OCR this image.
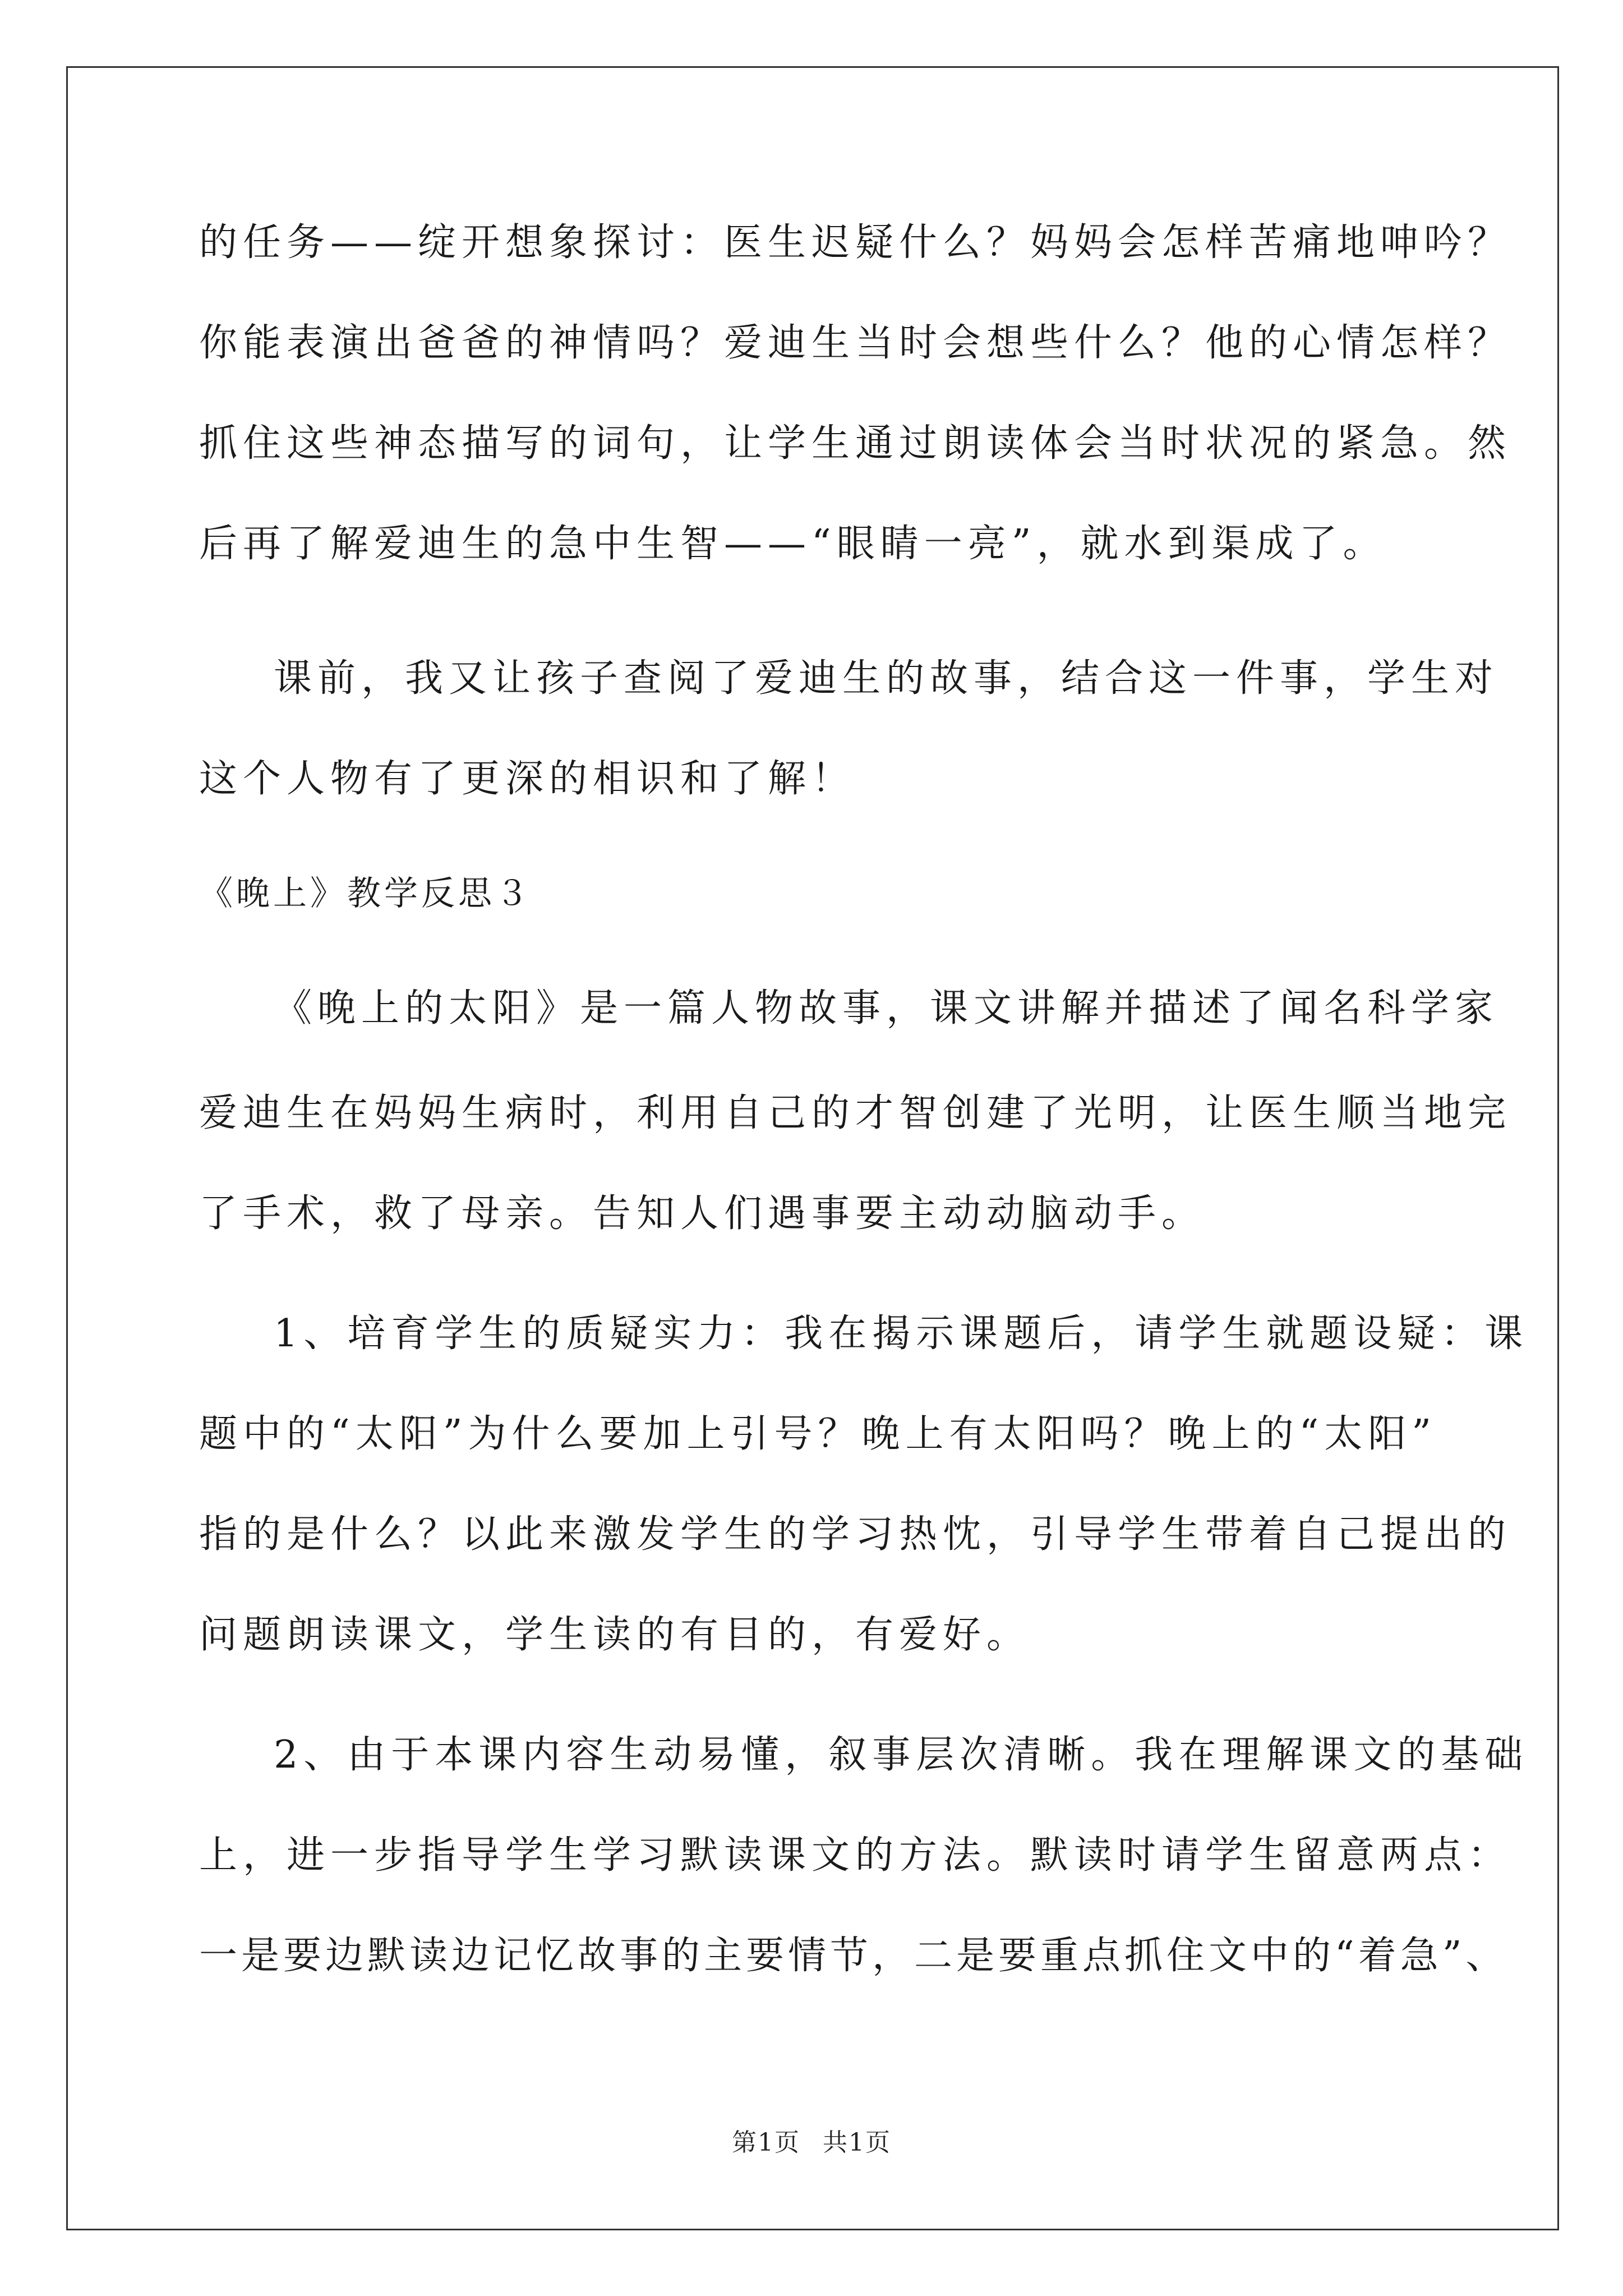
的任务——绽开想象探讨：医生迟疑什么？妈妈会怎样苦痛地呻吟？
你能表演出爸爸的神情吗？爱迪生当时会想些什么？他的心情怎样？
抓住这些神态描写的词句，让学生通过朗读体会当时状况的紧急。然
后再了解爱迪生的急中生智——“眼睛一亮”，就水到渠成了。
课前，我又让孩子查阅了爱迪生的故事，结合这一件事，学生对
这个人物有了更深的相识和了解！
《晚上》教学反思３
《晚上的太阳》是一篇人物故事，课文讲解并描述了闻名科学家
爱迪生在妈妈生病时，利用自己的才智创建了光明，让医生顺当地完
了手术，救了母亲。告知人们遇事要主动动脑动手。
1、培育学生的质疑实力：我在揭示课题后，请学生就题设疑：课
题中的“太阳”为什么要加上引号？晚上有太阳吗？晚上的“太阳”
指的是什么？以此来激发学生的学习热忱，引导学生带着自己提出的
问题朗读课文，学生读的有目的，有爱好。
2、由于本课内容生动易懂，叙事层次清晰。我在理解课文的基础
上，进一步指导学生学习默读课文的方法。默读时请学生留意两点：
一是要边默读边记忆故事的主要情节，二是要重点抓住文中的“着急”、
第1页 共1页
